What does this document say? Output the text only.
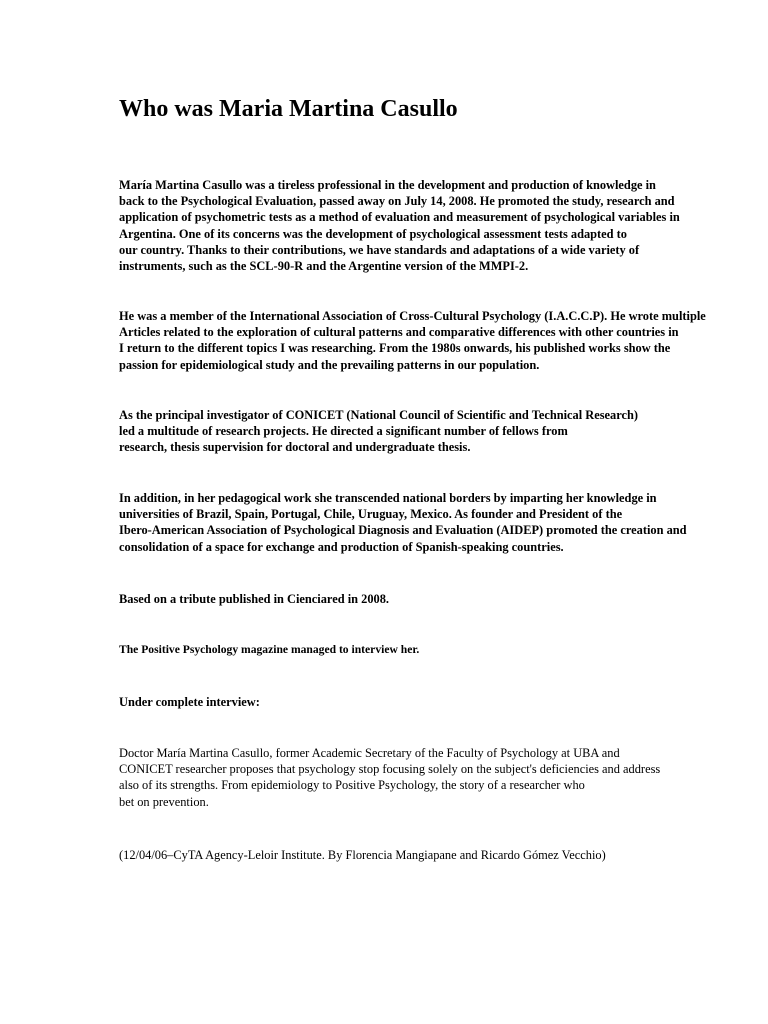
Who was Maria Martina Casullo

María Martina Casullo was a tireless professional in the development and production of knowledge in
back to the Psychological Evaluation, passed away on July 14, 2008. He promoted the study, research and
application of psychometric tests as a method of evaluation and measurement of psychological variables in
Argentina. One of its concerns was the development of psychological assessment tests adapted to
our country. Thanks to their contributions, we have standards and adaptations of a wide variety of
instruments, such as the SCL-90-R and the Argentine version of the MMPI-2.

He was a member of the International Association of Cross-Cultural Psychology (I.A.C.C.P). He wrote multiple
Articles related to the exploration of cultural patterns and comparative differences with other countries in
I return to the different topics I was researching. From the 1980s onwards, his published works show the
passion for epidemiological study and the prevailing patterns in our population.

As the principal investigator of CONICET (National Council of Scientific and Technical Research)
led a multitude of research projects. He directed a significant number of fellows from
research, thesis supervision for doctoral and undergraduate thesis.

In addition, in her pedagogical work she transcended national borders by imparting her knowledge in
universities of Brazil, Spain, Portugal, Chile, Uruguay, Mexico. As founder and President of the
Ibero-American Association of Psychological Diagnosis and Evaluation (AIDEP) promoted the creation and
consolidation of a space for exchange and production of Spanish-speaking countries.

Based on a tribute published in Cienciared in 2008.

The Positive Psychology magazine managed to interview her.

Under complete interview:

Doctor María Martina Casullo, former Academic Secretary of the Faculty of Psychology at UBA and
CONICET researcher proposes that psychology stop focusing solely on the subject's deficiencies and address
also of its strengths. From epidemiology to Positive Psychology, the story of a researcher who
bet on prevention.

(12/04/06–CyTA Agency-Leloir Institute. By Florencia Mangiapane and Ricardo Gómez Vecchio)
